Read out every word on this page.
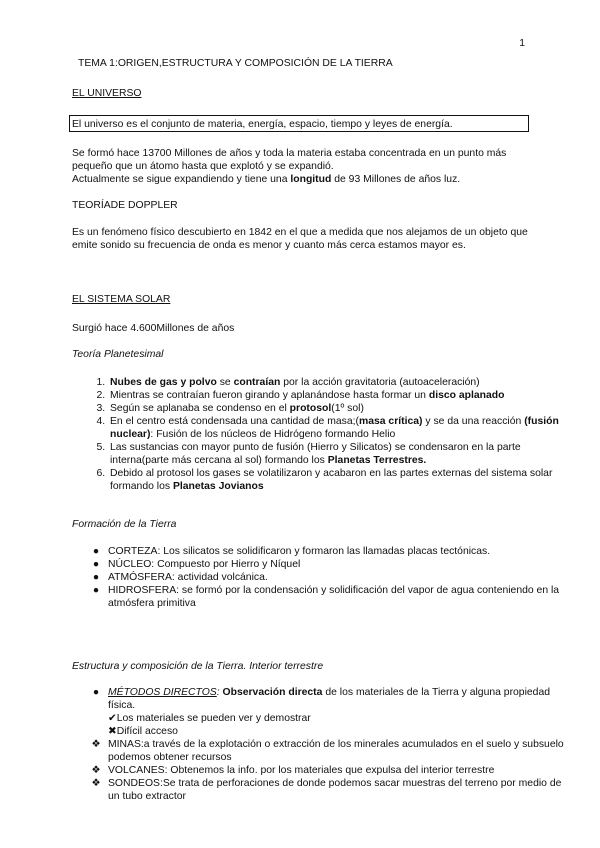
1
TEMA 1:ORIGEN,ESTRUCTURA Y COMPOSICIÓN DE LA TIERRA
EL UNIVERSO
El universo es el conjunto de materia, energía, espacio, tiempo y leyes de energía.
Se formó hace 13700 Millones de años y toda la materia estaba concentrada en un punto más pequeño que un átomo hasta que explotó y se expandió.
Actualmente se sigue expandiendo y tiene una longitud de 93 Millones de años luz.
TEORÍADE DOPPLER
Es un fenómeno físico descubierto en 1842 en el que a medida que nos alejamos de un objeto que emite sonido su frecuencia de onda es menor y cuanto más cerca estamos mayor es.
EL SISTEMA SOLAR
Surgió hace 4.600Millones de años
Teoría Planetesimal
1. Nubes de gas y polvo se contraían por la acción gravitatoria (autoaceleración)
2. Mientras se contraían fueron girando y aplanándose hasta formar un disco aplanado
3. Según se aplanaba se condenso en el protosol(1º sol)
4. En el centro está condensada una cantidad de masa;(masa crítica) y se da una reacción (fusión nuclear): Fusión de los núcleos de Hidrógeno formando Helio
5. Las sustancias con mayor punto de fusión (Hierro y Silicatos) se condensaron en la parte interna(parte más cercana al sol) formando los Planetas Terrestres.
6. Debido al protosol los gases se volatilizaron y acabaron en las partes externas del sistema solar formando los Planetas Jovianos
Formación de la Tierra
● CORTEZA: Los silicatos se solidificaron y formaron las llamadas placas tectónicas.
● NÚCLEO: Compuesto por Hierro y Níquel
● ATMÓSFERA: actividad volcánica.
● HIDROSFERA: se formó por la condensación y solidificación del vapor de agua conteniendo en la atmósfera primitiva
Estructura y composición de la Tierra. Interior terrestre
● MÉTODOS DIRECTOS: Observación directa de los materiales de la Tierra y alguna propiedad física.
✔Los materiales se pueden ver y demostrar
✖Difícil acceso
❖ MINAS:a través de la explotación o extracción de los minerales acumulados en el suelo y subsuelo podemos obtener recursos
❖ VOLCANES: Obtenemos la info. por los materiales que expulsa del interior terrestre
❖ SONDEOS:Se trata de perforaciones de donde podemos sacar muestras del terreno por medio de un tubo extractor
